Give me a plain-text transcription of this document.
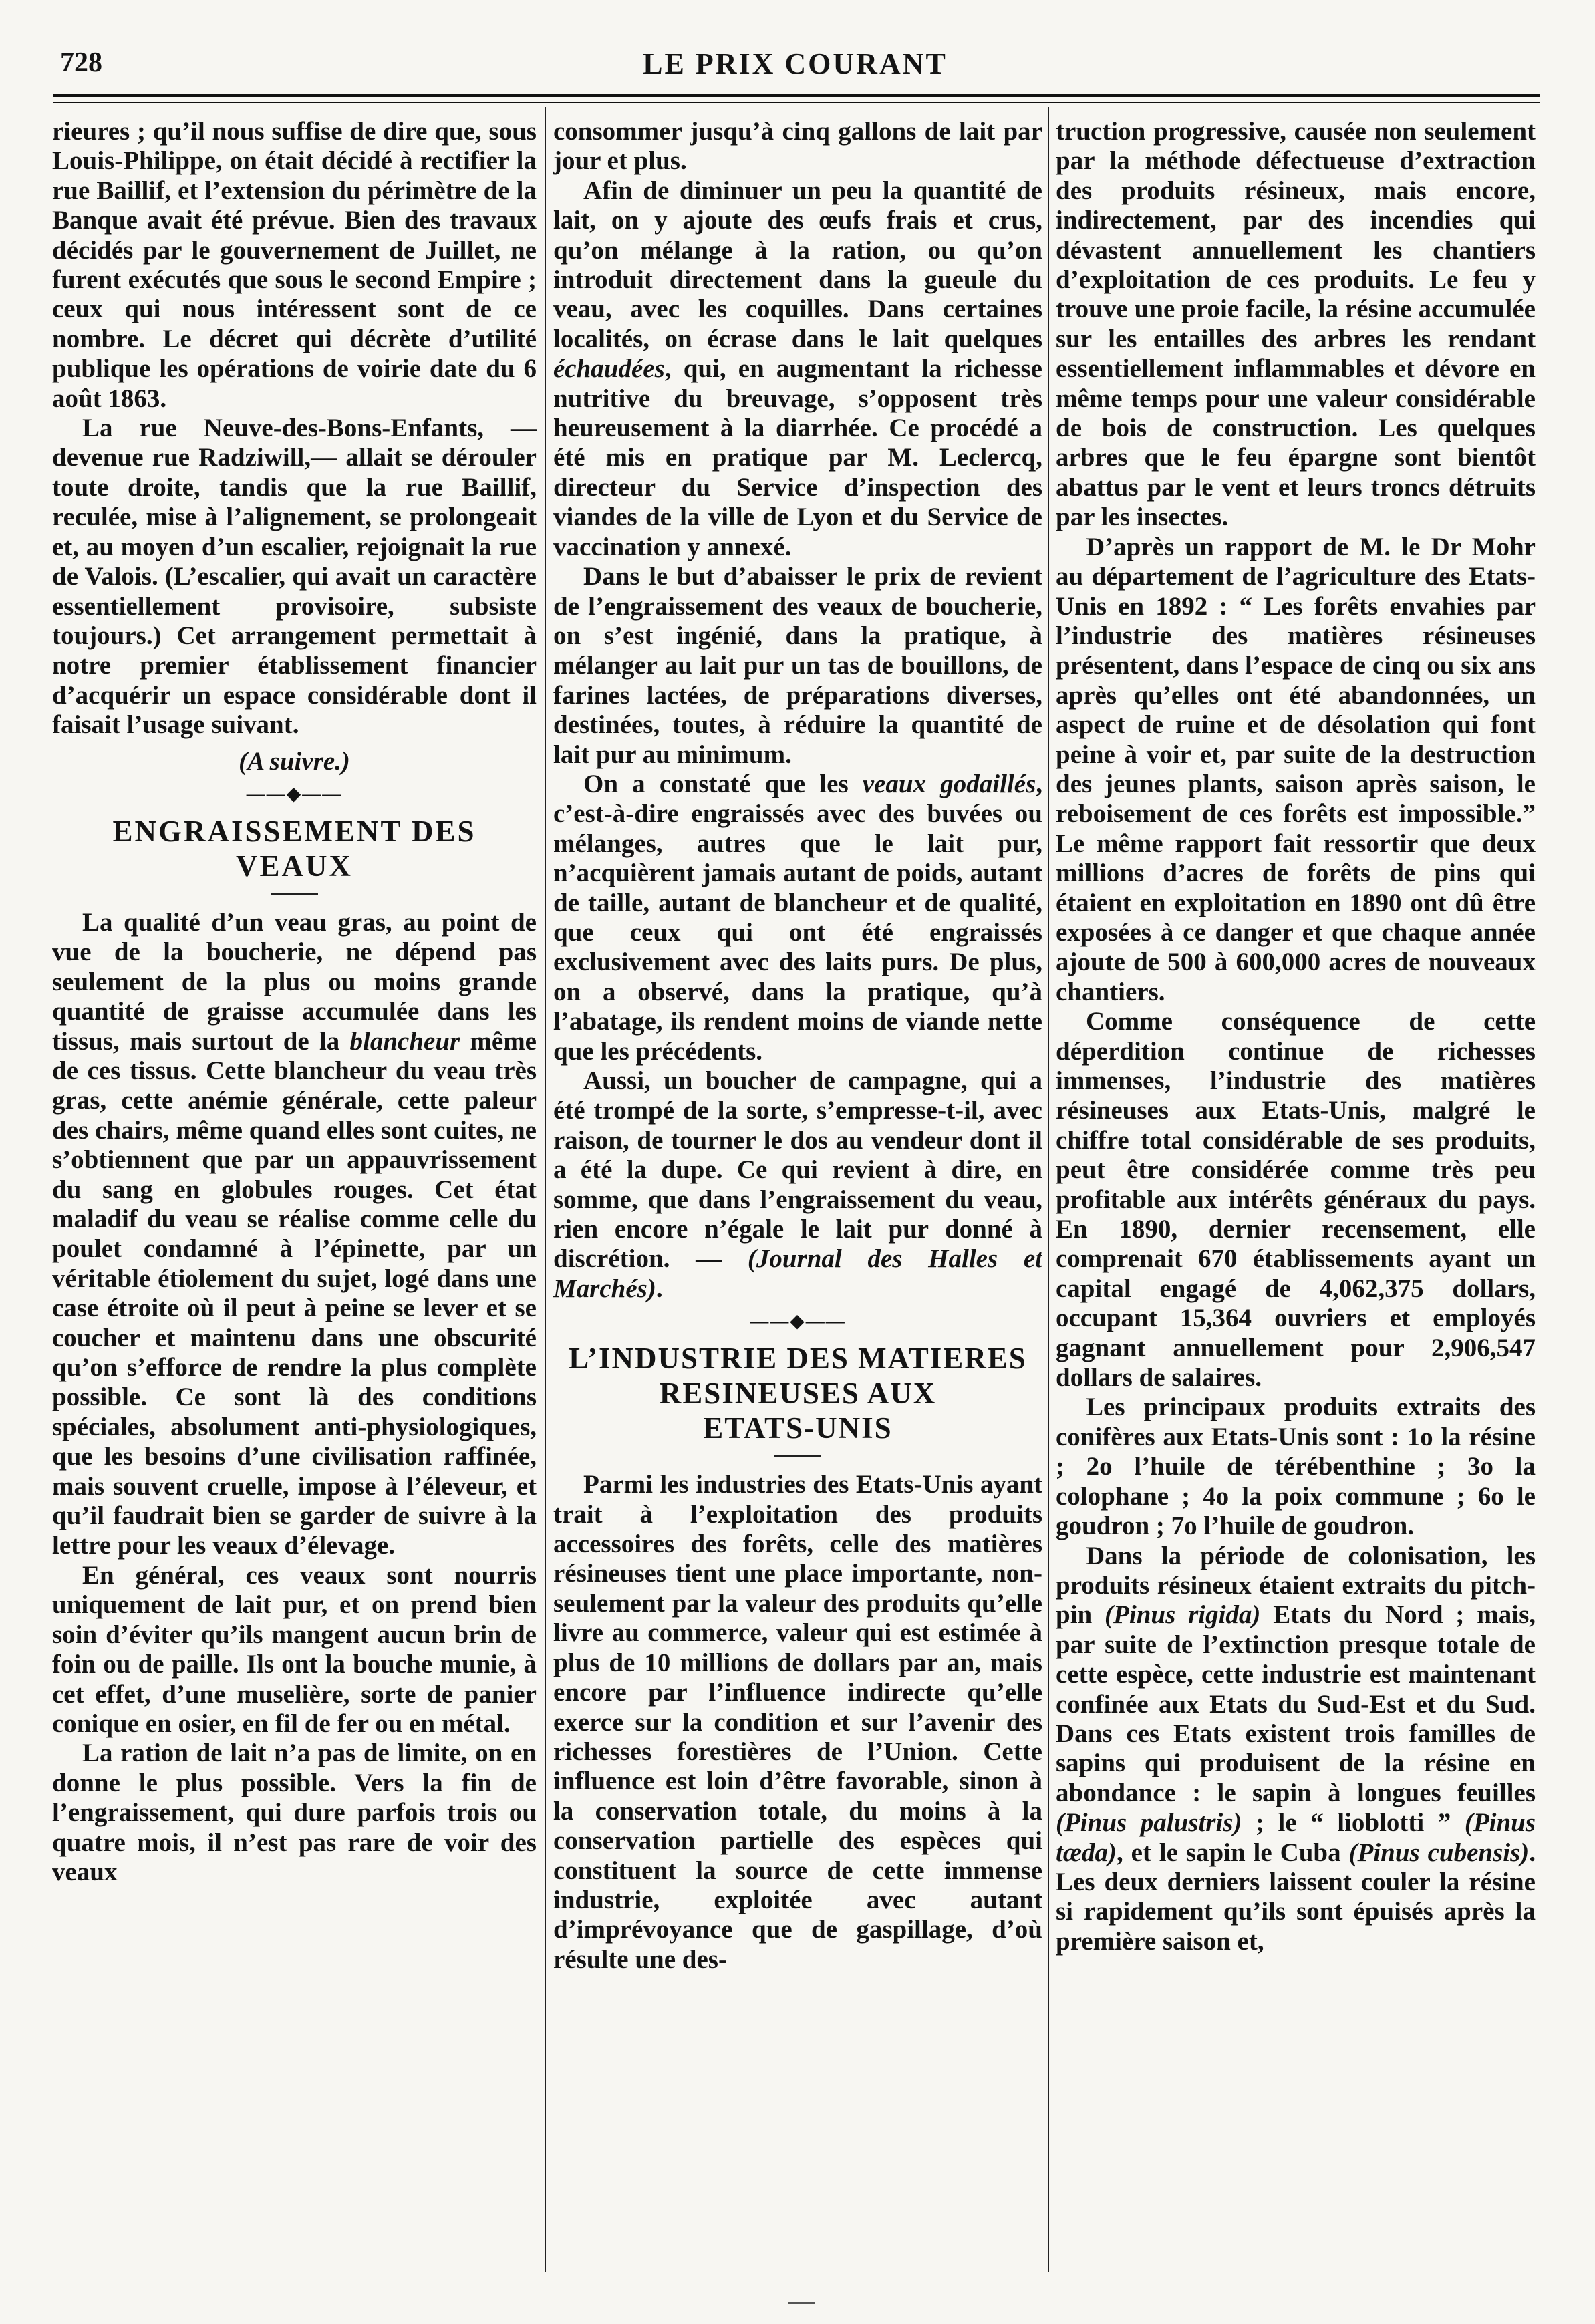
728	LE PRIX COURANT

rieures ; qu’il nous suffise de dire que, sous Louis-Philippe, on était décidé à rectifier la rue Baillif, et l’extension du périmètre de la Banque avait été prévue. Bien des travaux décidés par le gouvernement de Juillet, ne furent exécutés que sous le second Empire ; ceux qui nous intéressent sont de ce nombre. Le décret qui décrète d’utilité publique les opérations de voirie date du 6 août 1863.

La rue Neuve-des-Bons-Enfants, —devenue rue Radziwill,— allait se dérouler toute droite, tandis que la rue Baillif, reculée, mise à l’alignement, se prolongeait et, au moyen d’un escalier, rejoignait la rue de Valois. (L’escalier, qui avait un caractère essentiellement provisoire, subsiste toujours.) Cet arrangement permettait à notre premier établissement financier d’acquérir un espace considérable dont il faisait l’usage suivant.

(A suivre.)

——◆——
ENGRAISSEMENT DES VEAUX

La qualité d’un veau gras, au point de vue de la boucherie, ne dépend pas seulement de la plus ou moins grande quantité de graisse accumulée dans les tissus, mais surtout de la blancheur même de ces tissus. Cette blancheur du veau très gras, cette anémie générale, cette paleur des chairs, même quand elles sont cuites, ne s’obtiennent que par un appauvrissement du sang en globules rouges. Cet état maladif du veau se réalise comme celle du poulet condamné à l’épinette, par un véritable étiolement du sujet, logé dans une case étroite où il peut à peine se lever et se coucher et maintenu dans une obscurité qu’on s’efforce de rendre la plus complète possible. Ce sont là des conditions spéciales, absolument anti-physiologiques, que les besoins d’une civilisation raffinée, mais souvent cruelle, impose à l’éleveur, et qu’il faudrait bien se garder de suivre à la lettre pour les veaux d’élevage.

En général, ces veaux sont nourris uniquement de lait pur, et on prend bien soin d’éviter qu’ils mangent aucun brin de foin ou de paille. Ils ont la bouche munie, à cet effet, d’une muselière, sorte de panier conique en osier, en fil de fer ou en métal.

La ration de lait n’a pas de limite, on en donne le plus possible. Vers la fin de l’engraissement, qui dure parfois trois ou quatre mois, il n’est pas rare de voir des veaux

consommer jusqu’à cinq gallons de lait par jour et plus.

Afin de diminuer un peu la quantité de lait, on y ajoute des œufs frais et crus, qu’on mélange à la ration, ou qu’on introduit directement dans la gueule du veau, avec les coquilles. Dans certaines localités, on écrase dans le lait quelques échaudées, qui, en augmentant la richesse nutritive du breuvage, s’opposent très heureusement à la diarrhée. Ce procédé a été mis en pratique par M. Leclercq, directeur du Service d’inspection des viandes de la ville de Lyon et du Service de vaccination y annexé.

Dans le but d’abaisser le prix de revient de l’engraissement des veaux de boucherie, on s’est ingénié, dans la pratique, à mélanger au lait pur un tas de bouillons, de farines lactées, de préparations diverses, destinées, toutes, à réduire la quantité de lait pur au minimum.

On a constaté que les veaux godaillés, c’est-à-dire engraissés avec des buvées ou mélanges, autres que le lait pur, n’acquièrent jamais autant de poids, autant de taille, autant de blancheur et de qualité, que ceux qui ont été engraissés exclusivement avec des laits purs. De plus, on a observé, dans la pratique, qu’à l’abatage, ils rendent moins de viande nette que les précédents.

Aussi, un boucher de campagne, qui a été trompé de la sorte, s’empresse-t-il, avec raison, de tourner le dos au vendeur dont il a été la dupe. Ce qui revient à dire, en somme, que dans l’engraissement du veau, rien encore n’égale le lait pur donné à discrétion. — (Journal des Halles et Marchés).

——◆——
L’INDUSTRIE DES MATIERES
RESINEUSES AUX
ETATS-UNIS

Parmi les industries des Etats-Unis ayant trait à l’exploitation des produits accessoires des forêts, celle des matières résineuses tient une place importante, non-seulement par la valeur des produits qu’elle livre au commerce, valeur qui est estimée à plus de 10 millions de dollars par an, mais encore par l’influence indirecte qu’elle exerce sur la condition et sur l’avenir des richesses forestières de l’Union. Cette influence est loin d’être favorable, sinon à la conservation totale, du moins à la conservation partielle des espèces qui constituent la source de cette immense industrie, exploitée avec autant d’imprévoyance que de gaspillage, d’où résulte une des-

truction progressive, causée non seulement par la méthode défectueuse d’extraction des produits résineux, mais encore, indirectement, par des incendies qui dévastent annuellement les chantiers d’exploitation de ces produits. Le feu y trouve une proie facile, la résine accumulée sur les entailles des arbres les rendant essentiellement inflammables et dévore en même temps pour une valeur considérable de bois de construction. Les quelques arbres que le feu épargne sont bientôt abattus par le vent et leurs troncs détruits par les insectes.

D’après un rapport de M. le Dr Mohr au département de l’agriculture des Etats-Unis en 1892 : “ Les forêts envahies par l’industrie des matières résineuses présentent, dans l’espace de cinq ou six ans après qu’elles ont été abandonnées, un aspect de ruine et de désolation qui font peine à voir et, par suite de la destruction des jeunes plants, saison après saison, le reboisement de ces forêts est impossible.” Le même rapport fait ressortir que deux millions d’acres de forêts de pins qui étaient en exploitation en 1890 ont dû être exposées à ce danger et que chaque année ajoute de 500 à 600,000 acres de nouveaux chantiers.

Comme conséquence de cette déperdition continue de richesses immenses, l’industrie des matières résineuses aux Etats-Unis, malgré le chiffre total considérable de ses produits, peut être considérée comme très peu profitable aux intérêts généraux du pays. En 1890, dernier recensement, elle comprenait 670 établissements ayant un capital engagé de 4,062,375 dollars, occupant 15,364 ouvriers et employés gagnant annuellement pour 2,906,547 dollars de salaires.

Les principaux produits extraits des conifères aux Etats-Unis sont : 1o la résine ; 2o l’huile de térébenthine ; 3o la colophane ; 4o la poix commune ; 6o le goudron ; 7o l’huile de goudron.

Dans la période de colonisation, les produits résineux étaient extraits du pitch-pin (Pinus rigida) Etats du Nord ; mais, par suite de l’extinction presque totale de cette espèce, cette industrie est maintenant confinée aux Etats du Sud-Est et du Sud. Dans ces Etats existent trois familles de sapins qui produisent de la résine en abondance : le sapin à longues feuilles (Pinus palustris) ; le “ lioblotti ” (Pinus tæda), et le sapin le Cuba (Pinus cubensis). Les deux derniers laissent couler la résine si rapidement qu’ils sont épuisés après la première saison et,
